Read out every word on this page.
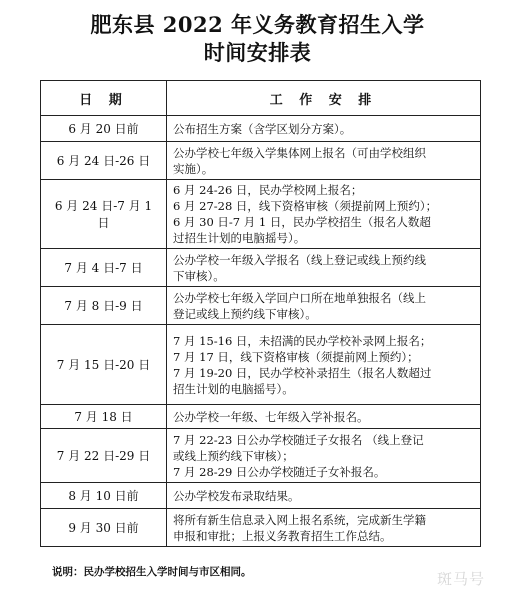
肥东县 2022 年义务教育招生入学
时间安排表
日 期	工 作 安 排
6 月 20 日前	公布招生方案（含学区划分方案）。

6 月 24 日-26 日	公办学校七年级入学集体网上报名（可由学校组织
实施）。

6 月 24 日-7 月 1 日	6 月 24-26 日，民办学校网上报名；
6 月 27-28 日，线下资格审核（须提前网上预约）；
6 月 30 日-7 月 1 日，民办学校招生（报名人数超
过招生计划的电脑摇号）。

7 月 4 日-7 日	公办学校一年级入学报名（线上登记或线上预约线
下审核）。

7 月 8 日-9 日	公办学校七年级入学回户口所在地单独报名（线上
登记或线上预约线下审核）。

7 月 15 日-20 日	7 月 15-16 日，未招满的民办学校补录网上报名；
7 月 17 日，线下资格审核（须提前网上预约）；
7 月 19-20 日，民办学校补录招生（报名人数超过
招生计划的电脑摇号）。

7 月 18 日	公办学校一年级、七年级入学补报名。

7 月 22 日-29 日	7 月 22-23 日公办学校随迁子女报名 （线上登记
或线上预约线下审核）；
7 月 28-29 日公办学校随迁子女补报名。

8 月 10 日前	公办学校发布录取结果。

9 月 30 日前	将所有新生信息录入网上报名系统，完成新生学籍
申报和审批；上报义务教育招生工作总结。
说明：民办学校招生入学时间与市区相同。	斑马号
